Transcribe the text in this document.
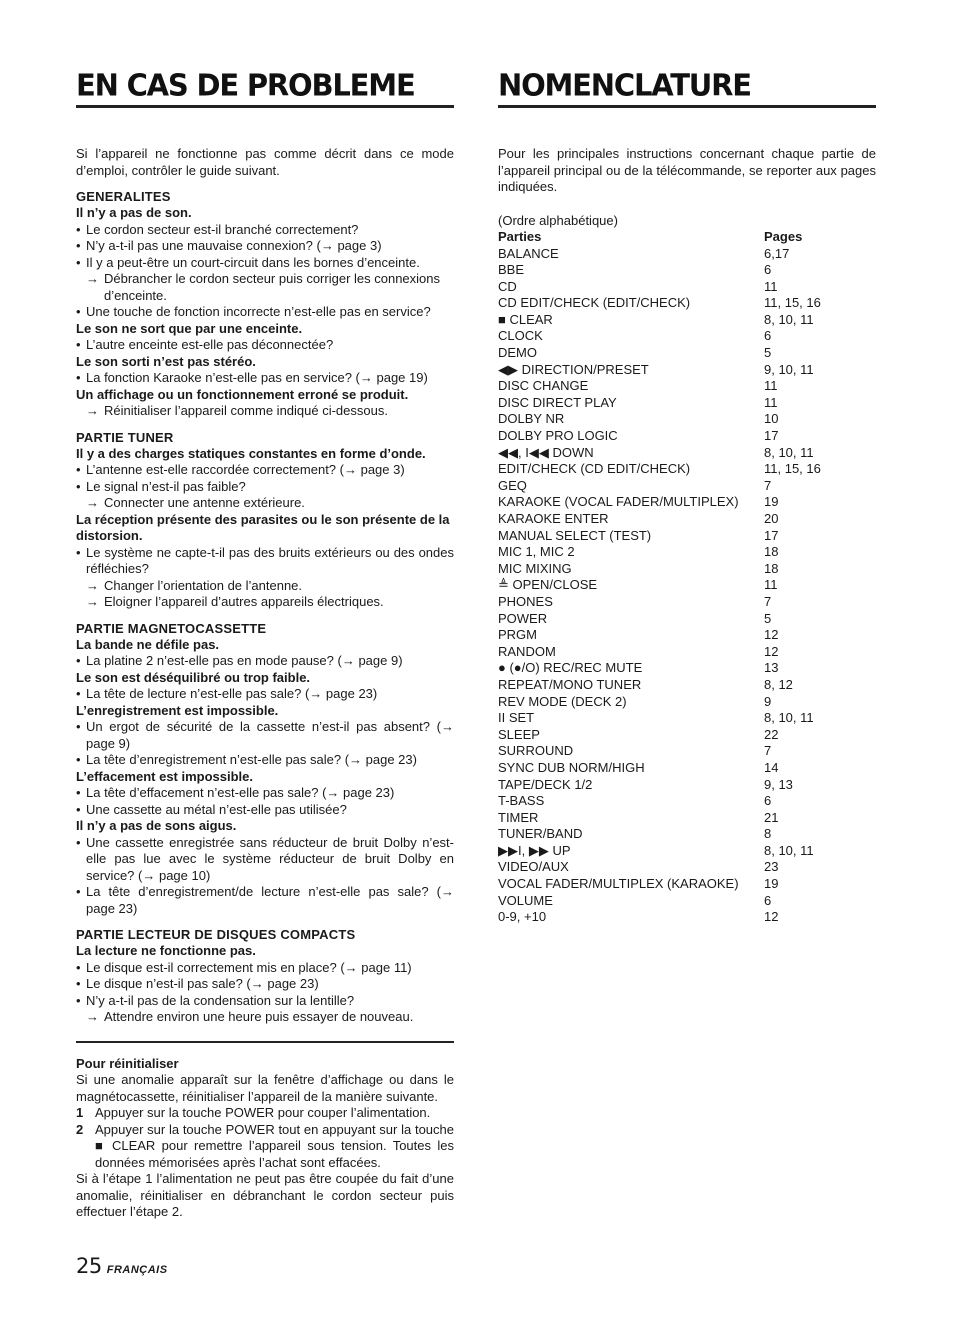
EN CAS DE PROBLEME
Si l’appareil ne fonctionne pas comme décrit dans ce mode d’emploi, contrôler le guide suivant.
GENERALITES
Il n’y a pas de son.
• Le cordon secteur est-il branché correctement?
• N’y a-t-il pas une mauvaise connexion? (→ page 3)
• Il y a peut-être un court-circuit dans les bornes d’enceinte.
→ Débrancher le cordon secteur puis corriger les connexions d’enceinte.
• Une touche de fonction incorrecte n’est-elle pas en service?
Le son ne sort que par une enceinte.
• L’autre enceinte est-elle pas déconnectée?
Le son sorti n’est pas stéréo.
• La fonction Karaoke n’est-elle pas en service? (→ page 19)
Un affichage ou un fonctionnement erroné se produit.
→ Réinitialiser l’appareil comme indiqué ci-dessous.
PARTIE TUNER
Il y a des charges statiques constantes en forme d’onde.
• L’antenne est-elle raccordée correctement? (→ page 3)
• Le signal n’est-il pas faible?
→ Connecter une antenne extérieure.
La réception présente des parasites ou le son présente de la distorsion.
• Le système ne capte-t-il pas des bruits extérieurs ou des ondes réfléchies?
→ Changer l’orientation de l’antenne.
→ Eloigner l’appareil d’autres appareils électriques.
PARTIE MAGNETOCASSETTE
La bande ne défile pas.
• La platine 2 n’est-elle pas en mode pause? (→ page 9)
Le son est déséquilibré ou trop faible.
• La tête de lecture n’est-elle pas sale? (→ page 23)
L’enregistrement est impossible.
• Un ergot de sécurité de la cassette n’est-il pas absent? (→ page 9)
• La tête d’enregistrement n’est-elle pas sale? (→ page 23)
L’effacement est impossible.
• La tête d’effacement n’est-elle pas sale? (→ page 23)
• Une cassette au métal n’est-elle pas utilisée?
Il n’y a pas de sons aigus.
• Une cassette enregistrée sans réducteur de bruit Dolby n’est-elle pas lue avec le système réducteur de bruit Dolby en service? (→ page 10)
• La tête d’enregistrement/de lecture n’est-elle pas sale? (→ page 23)
PARTIE LECTEUR DE DISQUES COMPACTS
La lecture ne fonctionne pas.
• Le disque est-il correctement mis en place? (→ page 11)
• Le disque n’est-il pas sale? (→ page 23)
• N’y a-t-il pas de la condensation sur la lentille?
→ Attendre environ une heure puis essayer de nouveau.
Pour réinitialiser
Si une anomalie apparaît sur la fenêtre d’affichage ou dans le magnétocassette, réinitialiser l’appareil de la manière suivante.
1 Appuyer sur la touche POWER pour couper l’alimentation.
2 Appuyer sur la touche POWER tout en appuyant sur la touche ■ CLEAR pour remettre l’appareil sous tension. Toutes les données mémorisées après l’achat sont effacées.
Si à l’étape 1 l’alimentation ne peut pas être coupée du fait d’une anomalie, réinitialiser en débranchant le cordon secteur puis effectuer l’étape 2.
25 FRANÇAIS
NOMENCLATURE
Pour les principales instructions concernant chaque partie de l’appareil principal ou de la télécommande, se reporter aux pages indiquées.
(Ordre alphabétique)
Parties	Pages
BALANCE	6,17
BBE	6
CD	11
CD EDIT/CHECK (EDIT/CHECK)	11, 15, 16
■ CLEAR	8, 10, 11
CLOCK	6
DEMO	5
◀▶ DIRECTION/PRESET	9, 10, 11
DISC CHANGE	11
DISC DIRECT PLAY	11
DOLBY NR	10
DOLBY PRO LOGIC	17
◀◀, I◀◀ DOWN	8, 10, 11
EDIT/CHECK (CD EDIT/CHECK)	11, 15, 16
GEQ	7
KARAOKE (VOCAL FADER/MULTIPLEX)	19
KARAOKE ENTER	20
MANUAL SELECT (TEST)	17
MIC 1, MIC 2	18
MIC MIXING	18
≜ OPEN/CLOSE	11
PHONES	7
POWER	5
PRGM	12
RANDOM	12
● (●/O) REC/REC MUTE	13
REPEAT/MONO TUNER	8, 12
REV MODE (DECK 2)	9
II SET	8, 10, 11
SLEEP	22
SURROUND	7
SYNC DUB NORM/HIGH	14
TAPE/DECK 1/2	9, 13
T-BASS	6
TIMER	21
TUNER/BAND	8
▶▶I, ▶▶ UP	8, 10, 11
VIDEO/AUX	23
VOCAL FADER/MULTIPLEX (KARAOKE)	19
VOLUME	6
0-9, +10	12
